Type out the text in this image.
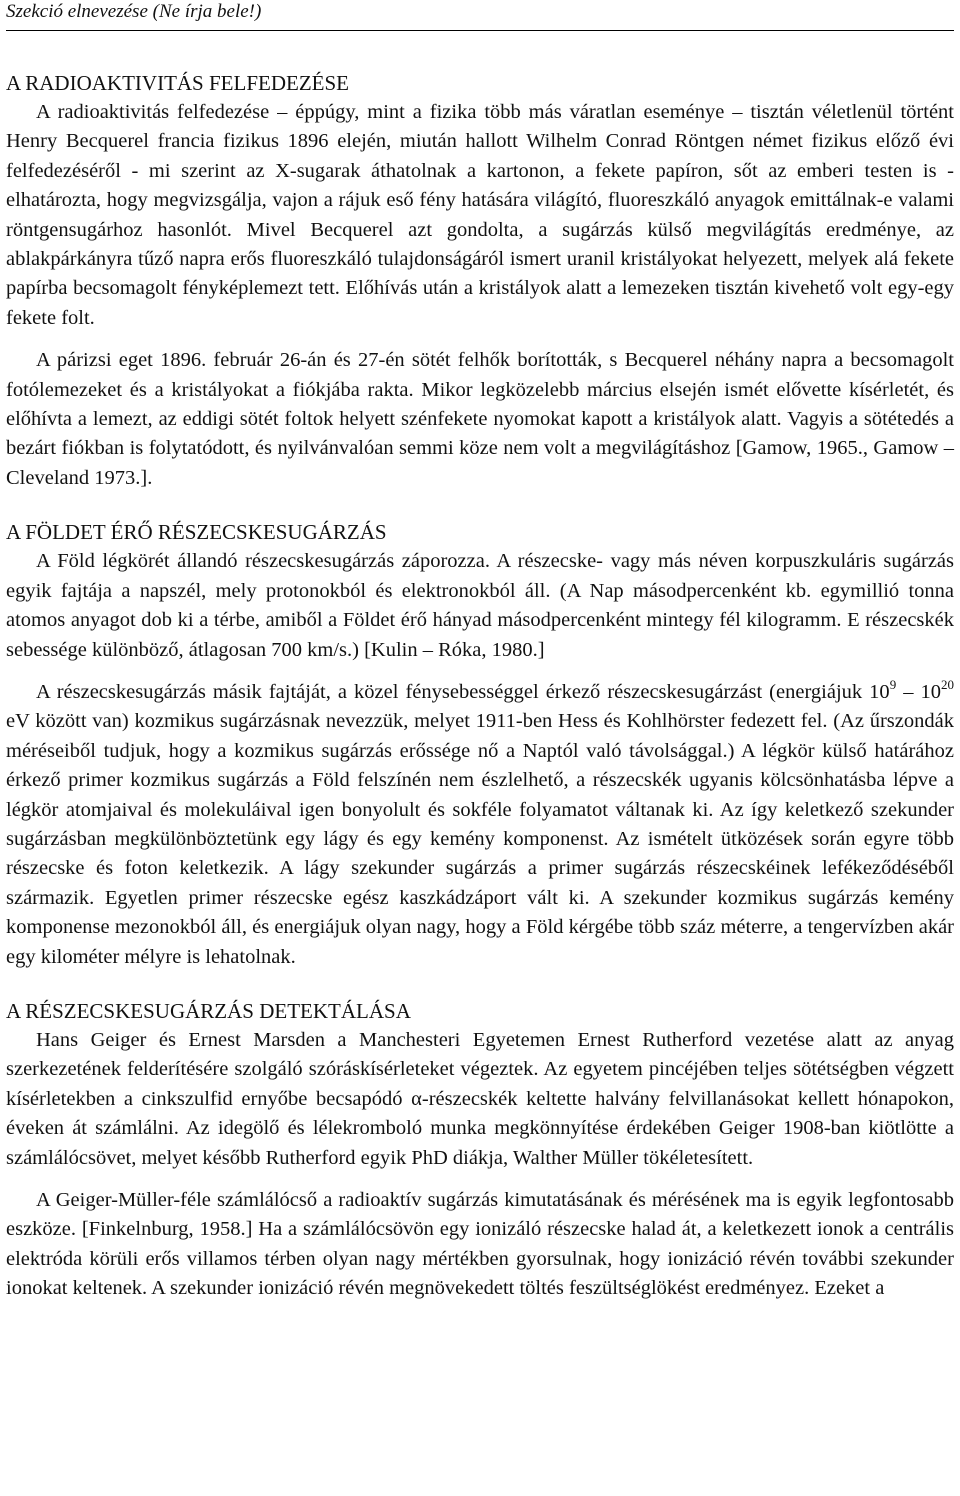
Szekció elnevezése (Ne írja bele!)
A RADIOAKTIVITÁS FELFEDEZÉSE

A radioaktivitás felfedezése – éppúgy, mint a fizika több más váratlan eseménye – tisztán véletlenül történt Henry Becquerel francia fizikus 1896 elején, miután hallott Wilhelm Conrad Röntgen német fizikus előző évi felfedezéséről - mi szerint az X-sugarak áthatolnak a kartonon, a fekete papíron, sőt az emberi testen is - elhatározta, hogy megvizsgálja, vajon a rájuk eső fény hatására világító, fluoreszkáló anyagok emittálnak-e valami röntgensugárhoz hasonlót. Mivel Becquerel azt gondolta, a sugárzás külső megvilágítás eredménye, az ablakpárkányra tűző napra erős fluoreszkáló tulajdonságáról ismert uranil kristályokat helyezett, melyek alá fekete papírba becsomagolt fényképlemezt tett. Előhívás után a kristályok alatt a lemezeken tisztán kivehető volt egy-egy fekete folt.

A párizsi eget 1896. február 26-án és 27-én sötét felhők borították, s Becquerel néhány napra a becsomagolt fotólemezeket és a kristályokat a fiókjába rakta. Mikor legközelebb március elsején ismét elővette kísérletét, és előhívta a lemezt, az eddigi sötét foltok helyett szénfekete nyomokat kapott a kristályok alatt. Vagyis a sötétedés a bezárt fiókban is folytatódott, és nyilvánvalóan semmi köze nem volt a megvilágításhoz [Gamow, 1965., Gamow – Cleveland 1973.].

A FÖLDET ÉRŐ RÉSZECSKESUGÁRZÁS

A Föld légkörét állandó részecskesugárzás záporozza. A részecske- vagy más néven korpuszkuláris sugárzás egyik fajtája a napszél, mely protonokból és elektronokból áll. (A Nap másodpercenként kb. egymillió tonna atomos anyagot dob ki a térbe, amiből a Földet érő hányad másodpercenként mintegy fél kilogramm. E részecskék sebessége különböző, átlagosan 700 km/s.) [Kulin – Róka, 1980.]

A részecskesugárzás másik fajtáját, a közel fénysebességgel érkező részecskesugárzást (energiájuk $10^9 - 10^{20}$ eV között van) kozmikus sugárzásnak nevezzük, melyet 1911-ben Hess és Kohlhörster fedezett fel. (Az űrszondák méréseiből tudjuk, hogy a kozmikus sugárzás erőssége nő a Naptól való távolsággal.) A légkör külső határához érkező primer kozmikus sugárzás a Föld felszínén nem észlelhető, a részecskék ugyanis kölcsönhatásba lépve a légkör atomjaival és molekuláival igen bonyolult és sokféle folyamatot váltanak ki. Az így keletkező szekunder sugárzásban megkülönböztetünk egy lágy és egy kemény komponenst. Az ismételt ütközések során egyre több részecske és foton keletkezik. A lágy szekunder sugárzás a primer sugárzás részecskéinek lefékeződéséből származik. Egyetlen primer részecske egész kaszkádzáport vált ki. A szekunder kozmikus sugárzás kemény komponense mezonokból áll, és energiájuk olyan nagy, hogy a Föld kérgébe több száz méterre, a tengervízben akár egy kilométer mélyre is lehatolnak.

A RÉSZECSKESUGÁRZÁS DETEKTÁLÁSA

Hans Geiger és Ernest Marsden a Manchesteri Egyetemen Ernest Rutherford vezetése alatt az anyag szerkezetének felderítésére szolgáló szóráskísérleteket végeztek. Az egyetem pincéjében teljes sötétségben végzett kísérletekben a cinkszulfid ernyőbe becsapódó α-részecskék keltette halvány felvillanásokat kellett hónapokon, éveken át számlálni. Az idegölő és lélekromboló munka megkönnyítése érdekében Geiger 1908-ban kiötlötte a számlálócsövet, melyet később Rutherford egyik PhD diákja, Walther Müller tökéletesített.

A Geiger-Müller-féle számlálócső a radioaktív sugárzás kimutatásának és mérésének ma is egyik legfontosabb eszköze. [Finkelnburg, 1958.] Ha a számlálócsövön egy ionizáló részecske halad át, a keletkezett ionok a centrális elektróda körüli erős villamos térben olyan nagy mértékben gyorsulnak, hogy ionizáció révén további szekunder ionokat keltenek. A szekunder ionizáció révén megnövekedett töltés feszültséglökést eredményez. Ezeket a
